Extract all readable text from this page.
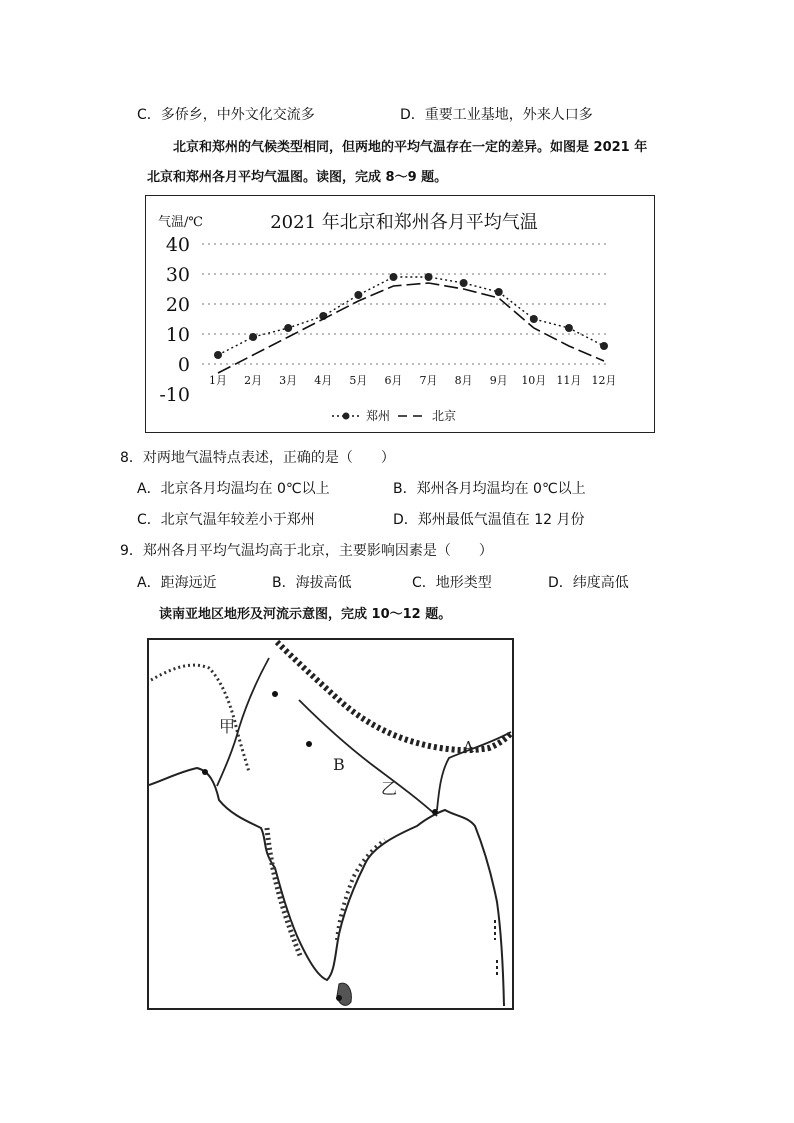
C．多侨乡，中外文化交流多	D．重要工业基地，外来人口多
北京和郑州的气候类型相同，但两地的平均气温存在一定的差异。如图是 2021 年
北京和郑州各月平均气温图。读图，完成 8～9 题。
2021 年北京和郑州各月平均气温
气温/℃
40
30
20
10
0
-10
1月 2月 3月 4月 5月 6月 7月 8月 9月 10月 11月 12月
郑州	北京
8．对两地气温特点表述，正确的是（　　）
A．北京各月均温均在 0℃以上	B．郑州各月均温均在 0℃以上
C．北京气温年较差小于郑州	D．郑州最低气温值在 12 月份
9．郑州各月平均气温均高于北京，主要影响因素是（　　）
A．距海远近	B．海拔高低	C．地形类型	D．纬度高低
读南亚地区地形及河流示意图，完成 10～12 题。
甲
B
乙
A
